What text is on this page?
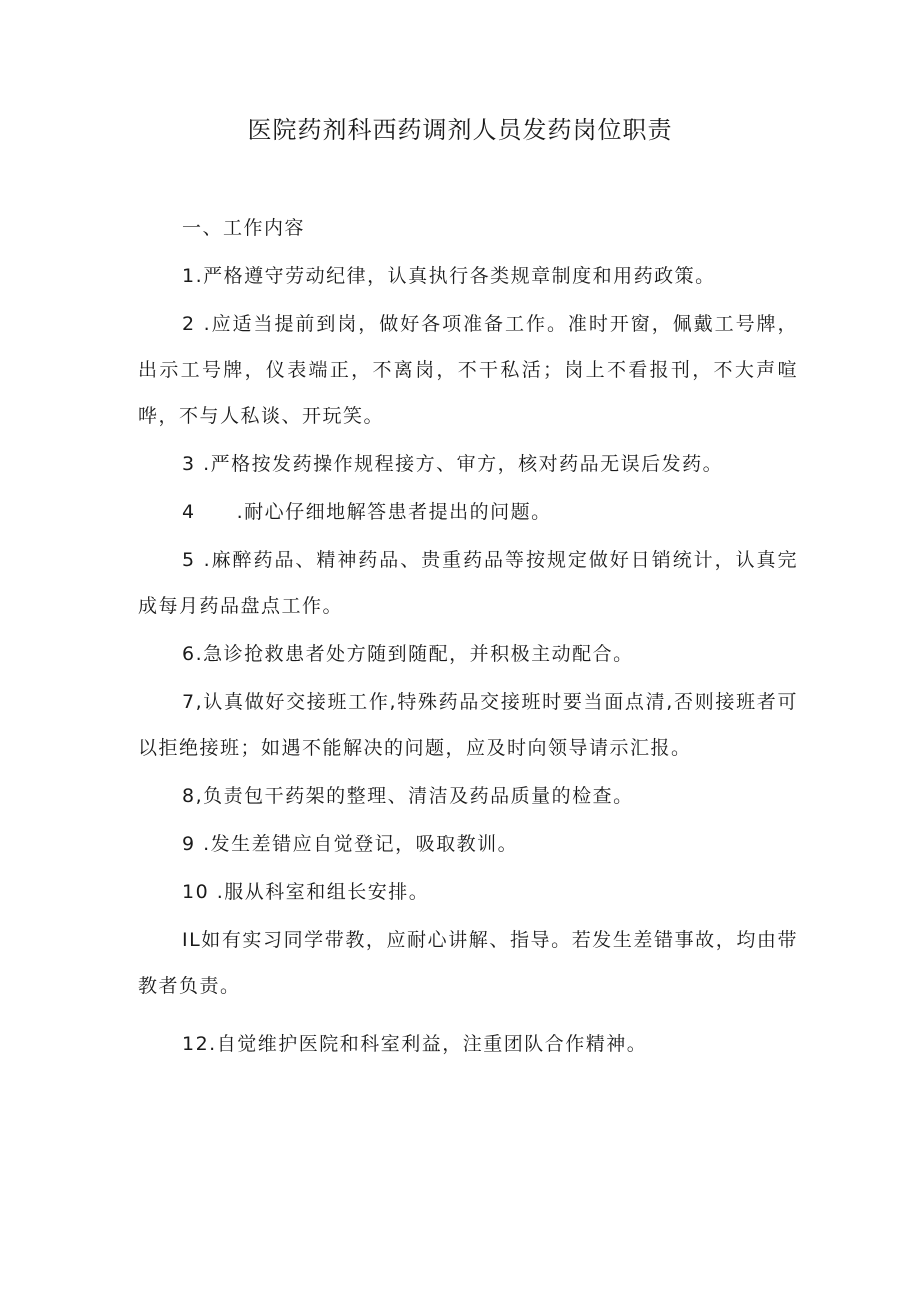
医院药剂科西药调剂人员发药岗位职责

一、工作内容

1.严格遵守劳动纪律，认真执行各类规章制度和用药政策。

2 .应适当提前到岗，做好各项准备工作。准时开窗，佩戴工号牌，出示工号牌，仪表端正，不离岗，不干私活；岗上不看报刊，不大声喧哗，不与人私谈、开玩笑。

3 .严格按发药操作规程接方、审方，核对药品无误后发药。

4　　.耐心仔细地解答患者提出的问题。

5 .麻醉药品、精神药品、贵重药品等按规定做好日销统计，认真完成每月药品盘点工作。

6.急诊抢救患者处方随到随配，并积极主动配合。

7,认真做好交接班工作,特殊药品交接班时要当面点清,否则接班者可以拒绝接班；如遇不能解决的问题，应及时向领导请示汇报。

8,负责包干药架的整理、清洁及药品质量的检查。

9 .发生差错应自觉登记，吸取教训。

10 .服从科室和组长安排。

IL如有实习同学带教，应耐心讲解、指导。若发生差错事故，均由带教者负责。

12.自觉维护医院和科室利益，注重团队合作精神。
